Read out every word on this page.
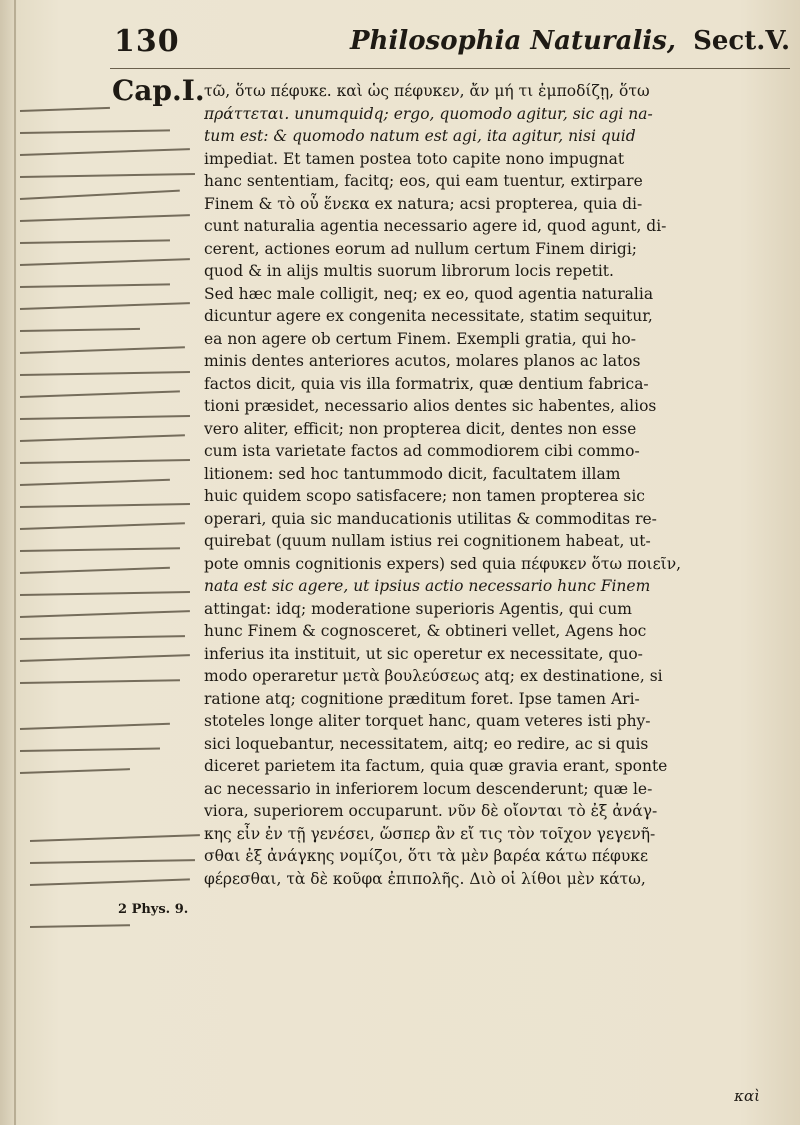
130	Philosophia Naturalis, Sect.V.
Cap.I.
2 Phys. 9.
τῶ, ὅτω πέφυκε. καὶ ὡς πέφυκεν, ἄν μή τι ἐμποδίζῃ, ὅτω
πράττεται. unumquidq; ergo, quomodo agitur, sic agi na-
tum est: & quomodo natum est agi, ita agitur, nisi quid
impediat. Et tamen postea toto capite nono impugnat
hanc sententiam, facitq; eos, qui eam tuentur, extirpare
Finem & τὸ οὗ ἕνεκα ex natura; acsi propterea, quia di-
cunt naturalia agentia necessario agere id, quod agunt, di-
cerent, actiones eorum ad nullum certum Finem dirigi;
quod & in alijs multis suorum librorum locis repetit.
Sed hæc male colligit, neq; ex eo, quod agentia naturalia
dicuntur agere ex congenita necessitate, statim sequitur,
ea non agere ob certum Finem. Exempli gratia, qui ho-
minis dentes anteriores acutos, molares planos ac latos
factos dicit, quia vis illa formatrix, quæ dentium fabrica-
tioni præsidet, necessario alios dentes sic habentes, alios
vero aliter, efficit; non propterea dicit, dentes non esse
cum ista varietate factos ad commodiorem cibi commo-
litionem: sed hoc tantummodo dicit, facultatem illam
huic quidem scopo satisfacere; non tamen propterea sic
operari, quia sic manducationis utilitas & commoditas re-
quirebat (quum nullam istius rei cognitionem habeat, ut-
pote omnis cognitionis expers) sed quia πέφυκεν ὅτω ποιεῖν,
nata est sic agere, ut ipsius actio necessario hunc Finem
attingat: idq; moderatione superioris Agentis, qui cum
hunc Finem & cognosceret, & obtineri vellet, Agens hoc
inferius ita instituit, ut sic operetur ex necessitate, quo-
modo operaretur μετὰ βουλεύσεως atq; ex destinatione, si
ratione atq; cognitione præditum foret. Ipse tamen Ari-
stoteles longe aliter torquet hanc, quam veteres isti phy-
sici loquebantur, necessitatem, aitq; eo redire, ac si quis
diceret parietem ita factum, quia quæ gravia erant, sponte
ac necessario in inferiorem locum descenderunt; quæ le-
viora, superiorem occuparunt. νῦν δὲ οἴονται τὸ ἐξ ἀνάγ-
κης εἶν ἐν τῇ γενέσει, ὥσπερ ἂν εἴ τις τὸν τοῖχον γεγενῆ-
σθαι ἐξ ἀνάγκης νομίζοι, ὅτι τὰ μὲν βαρέα κάτω πέφυκε
φέρεσθαι, τὰ δὲ κοῦφα ἐπιπολῆς. Διὸ οἱ λίθοι μὲν κάτω,
καὶ
